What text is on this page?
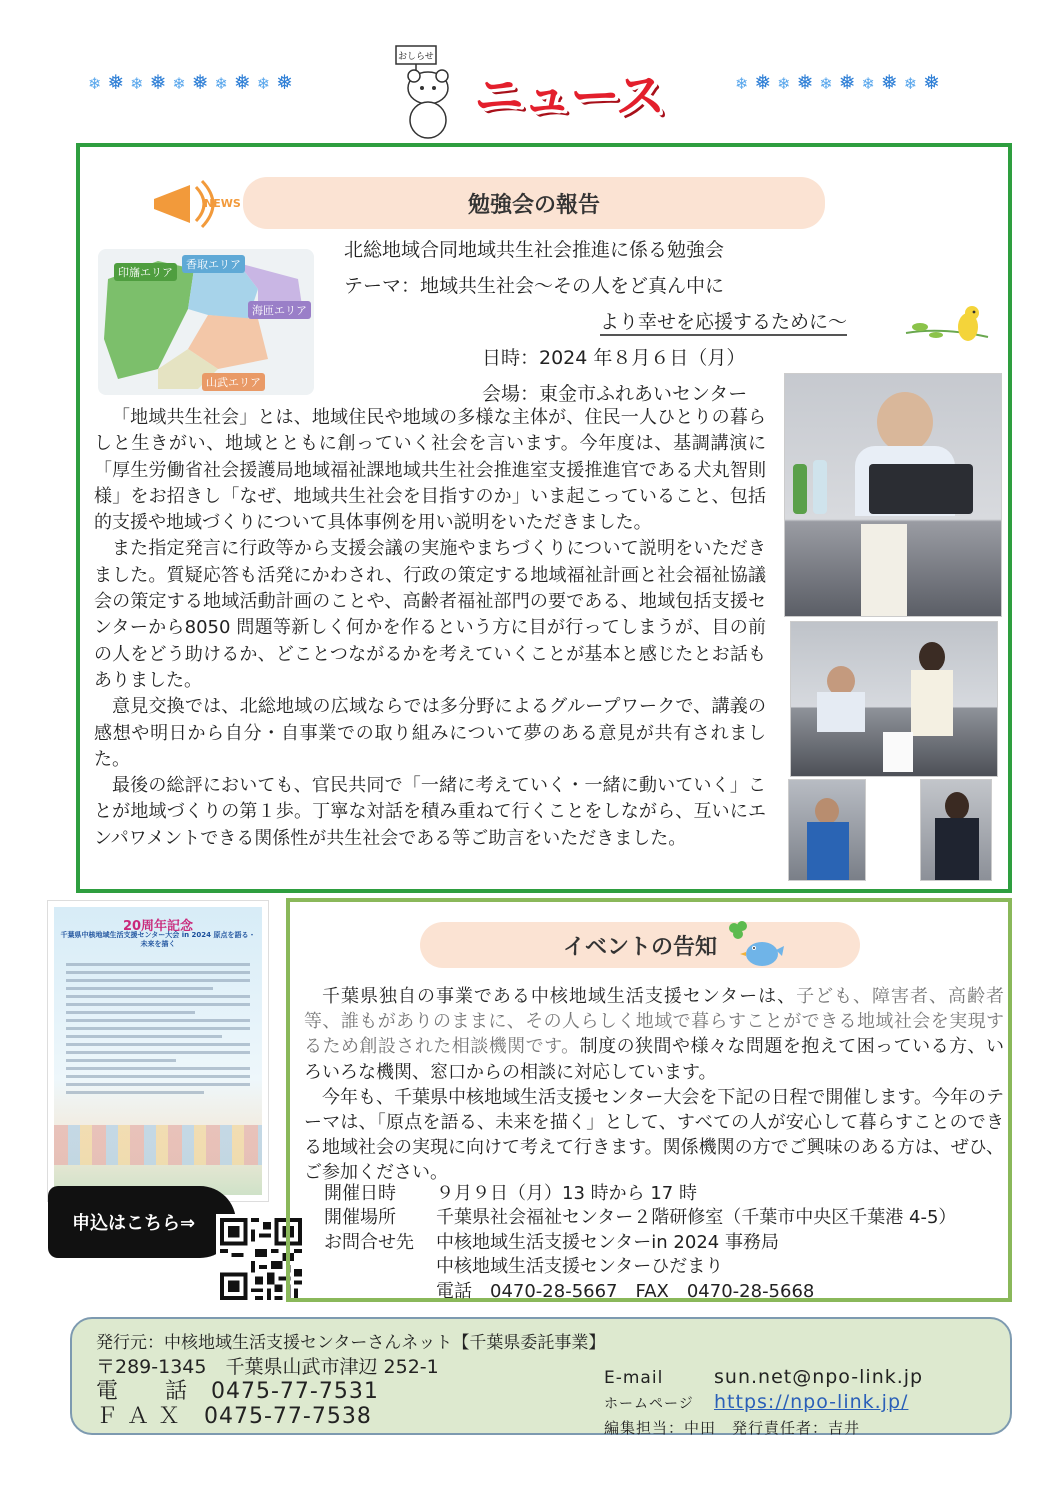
❄ ❅ ❄ ❅ ❄ ❅ ❄ ❅ ❄ ❅
おしらせ
ニュース	❄ ❅ ❄ ❅ ❄ ❅ ❄ ❅ ❄ ❅
NEWS	勉強会の報告
印旛エリア
香取エリア
海匝エリア
山武エリア
北総地域合同地域共生社会推進に係る勉強会
テーマ：地域共生社会～その人をど真ん中に
より幸せを応援するために～
日時：2024 年８月６日（月）
会場：東金市ふれあいセンター

「地域共生社会」とは、地域住民や地域の多様な主体が、住民一人ひとりの暮らしと生きがい、地域とともに創っていく社会を言います。今年度は、基調講演に「厚生労働省社会援護局地域福祉課地域共生社会推進室支援推進官である犬丸智則様」をお招きし「なぜ、地域共生社会を目指すのか」いま起こっていること、包括的支援や地域づくりについて具体事例を用い説明をいただきました。

また指定発言に行政等から支援会議の実施やまちづくりについて説明をいただきました。質疑応答も活発にかわされ、行政の策定する地域福祉計画と社会福祉協議会の策定する地域活動計画のことや、高齢者福祉部門の要である、地域包括支援センターから8050 問題等新しく何かを作るという方に目が行ってしまうが、目の前の人をどう助けるか、どことつながるかを考えていくことが基本と感じたとお話もありました。

意見交換では、北総地域の広域ならでは多分野によるグループワークで、講義の感想や明日から自分・自事業での取り組みについて夢のある意見が共有されました。

最後の総評においても、官民共同で「一緒に考えていく・一緒に動いていく」ことが地域づくりの第１歩。丁寧な対話を積み重ねて行くことをしながら、互いにエンパワメントできる関係性が共生社会である等ご助言をいただきました。

20周年記念
千葉県中核地域生活支援センター大会 in 2024 原点を語る・未来を描く
申込はこちら⇒
イベントの告知

千葉県独自の事業である中核地域生活支援センターは、子ども、障害者、高齢者等、誰もがありのままに、その人らしく地域で暮らすことができる地域社会を実現するため創設された相談機関です。制度の狭間や様々な問題を抱えて困っている方、いろいろな機関、窓口からの相談に対応しています。

今年も、千葉県中核地域生活支援センター大会を下記の日程で開催します。今年のテーマは、「原点を語る、未来を描く」として、すべての人が安心して暮らすことのできる地域社会の実現に向けて考えて行きます。関係機関の方でご興味のある方は、ぜひ、ご参加ください。

開催日時	９月９日（月）13 時から 17 時
開催場所	千葉県社会福祉センター２階研修室（千葉市中央区千葉港 4-5）
お問合せ先	中核地域生活支援センターin 2024 事務局
中核地域生活支援センターひだまり
電話　0470-28-5667　FAX　0470-28-5668
発行元：中核地域生活支援センターさんネット【千葉県委託事業】
〒289-1345　千葉県山武市津辺 252-1
電　　話　0475-77-7531
Ｆ Ａ Ｘ　0475-77-7538
E-mail	sun.net@npo-link.jp
ホームページ https://npo-link.jp/
編集担当：中田　発行責任者：吉井
